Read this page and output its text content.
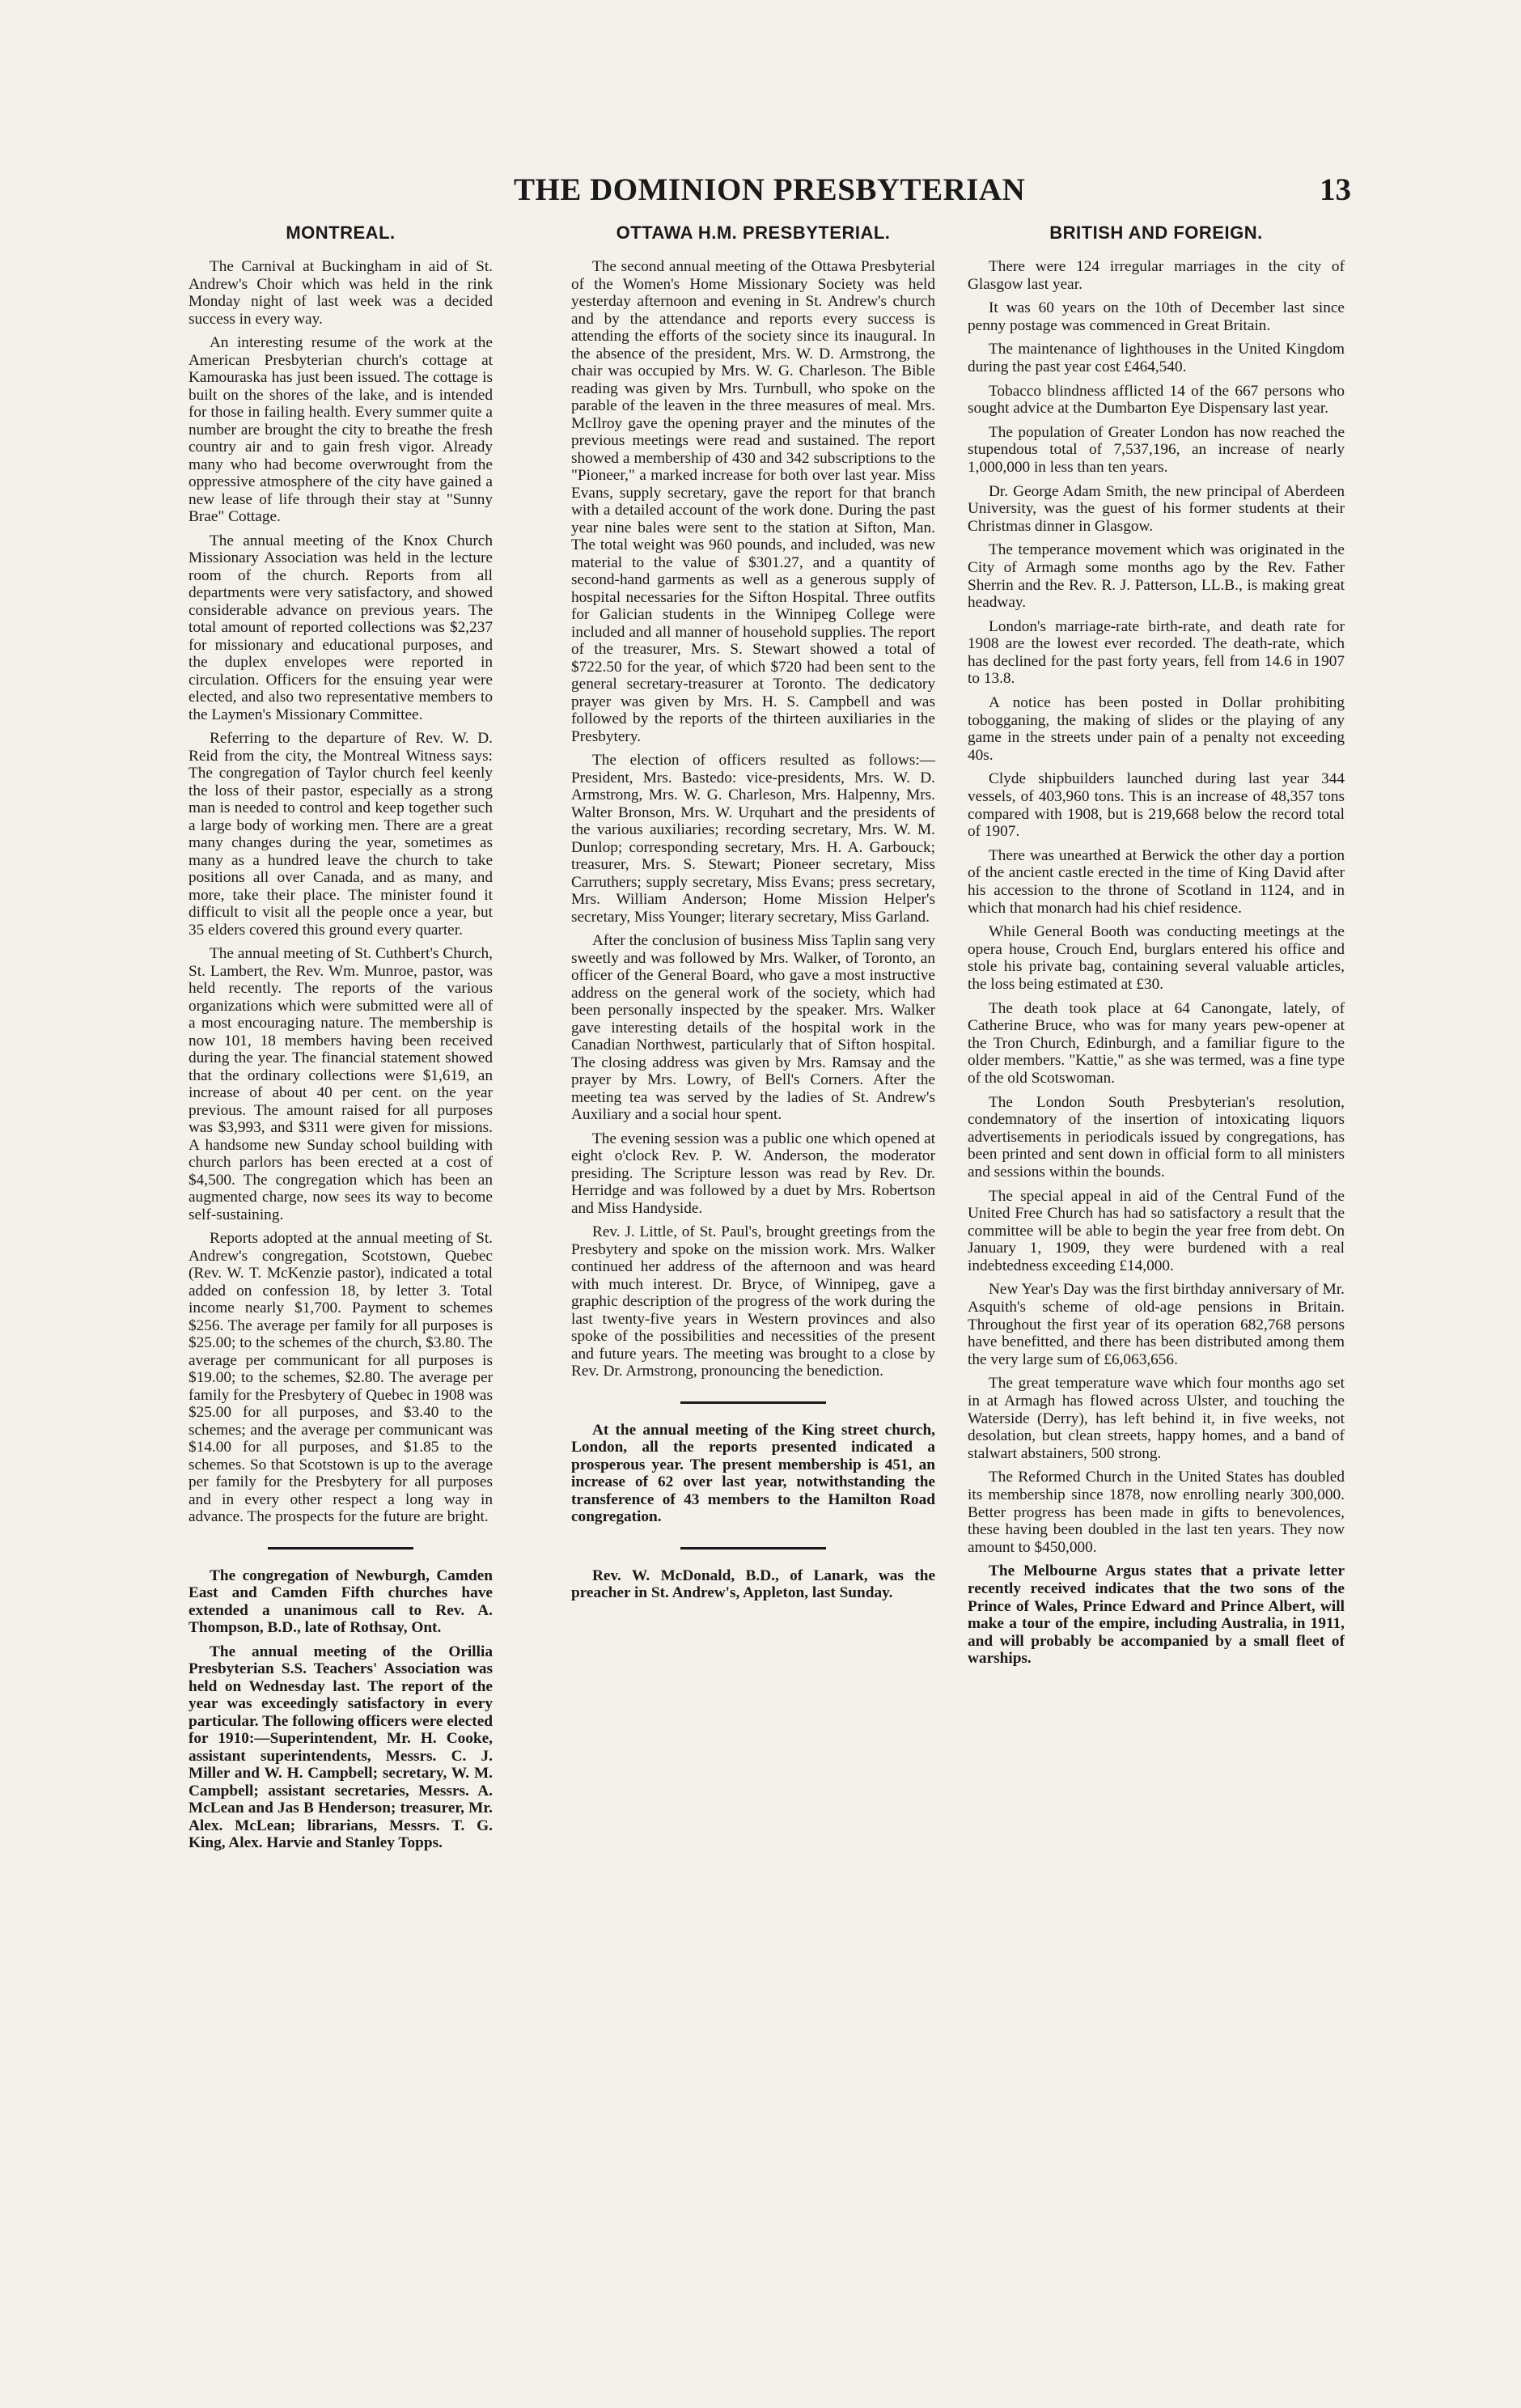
THE DOMINION PRESBYTERIAN	13
MONTREAL.

The Carnival at Buckingham in aid of St. Andrew's Choir which was held in the rink Monday night of last week was a decided success in every way.

An interesting resume of the work at the American Presbyterian church's cottage at Kamouraska has just been issued. The cottage is built on the shores of the lake, and is intended for those in failing health. Every summer quite a number are brought the city to breathe the fresh country air and to gain fresh vigor. Already many who had become overwrought from the oppressive atmosphere of the city have gained a new lease of life through their stay at "Sunny Brae" Cottage.

The annual meeting of the Knox Church Missionary Association was held in the lecture room of the church. Reports from all departments were very satisfactory, and showed considerable advance on previous years. The total amount of reported collections was $2,237 for missionary and educational purposes, and the duplex envelopes were reported in circulation. Officers for the ensuing year were elected, and also two representative members to the Laymen's Missionary Committee.

Referring to the departure of Rev. W. D. Reid from the city, the Montreal Witness says: The congregation of Taylor church feel keenly the loss of their pastor, especially as a strong man is needed to control and keep together such a large body of working men. There are a great many changes during the year, sometimes as many as a hundred leave the church to take positions all over Canada, and as many, and more, take their place. The minister found it difficult to visit all the people once a year, but 35 elders covered this ground every quarter.

The annual meeting of St. Cuthbert's Church, St. Lambert, the Rev. Wm. Munroe, pastor, was held recently. The reports of the various organizations which were submitted were all of a most encouraging nature. The membership is now 101, 18 members having been received during the year. The financial statement showed that the ordinary collections were $1,619, an increase of about 40 per cent. on the year previous. The amount raised for all purposes was $3,993, and $311 were given for missions. A handsome new Sunday school building with church parlors has been erected at a cost of $4,500. The congregation which has been an augmented charge, now sees its way to become self-sustaining.

Reports adopted at the annual meeting of St. Andrew's congregation, Scotstown, Quebec (Rev. W. T. McKenzie pastor), indicated a total added on confession 18, by letter 3. Total income nearly $1,700. Payment to schemes $256. The average per family for all purposes is $25.00; to the schemes of the church, $3.80. The average per communicant for all purposes is $19.00; to the schemes, $2.80. The average per family for the Presbytery of Quebec in 1908 was $25.00 for all purposes, and $3.40 to the schemes; and the average per communicant was $14.00 for all purposes, and $1.85 to the schemes. So that Scotstown is up to the average per family for the Presbytery for all purposes and in every other respect a long way in advance. The prospects for the future are bright.

The congregation of Newburgh, Camden East and Camden Fifth churches have extended a unanimous call to Rev. A. Thompson, B.D., late of Rothsay, Ont.

The annual meeting of the Orillia Presbyterian S.S. Teachers' Association was held on Wednesday last. The report of the year was exceedingly satisfactory in every particular. The following officers were elected for 1910:—Superintendent, Mr. H. Cooke, assistant superintendents, Messrs. C. J. Miller and W. H. Campbell; secretary, W. M. Campbell; assistant secretaries, Messrs. A. McLean and Jas B Henderson; treasurer, Mr. Alex. McLean; librarians, Messrs. T. G. King, Alex. Harvie and Stanley Topps.

OTTAWA H.M. PRESBYTERIAL.

The second annual meeting of the Ottawa Presbyterial of the Women's Home Missionary Society was held yesterday afternoon and evening in St. Andrew's church and by the attendance and reports every success is attending the efforts of the society since its inaugural. In the absence of the president, Mrs. W. D. Armstrong, the chair was occupied by Mrs. W. G. Charleson. The Bible reading was given by Mrs. Turnbull, who spoke on the parable of the leaven in the three measures of meal. Mrs. McIlroy gave the opening prayer and the minutes of the previous meetings were read and sustained. The report showed a membership of 430 and 342 subscriptions to the "Pioneer," a marked increase for both over last year. Miss Evans, supply secretary, gave the report for that branch with a detailed account of the work done. During the past year nine bales were sent to the station at Sifton, Man. The total weight was 960 pounds, and included, was new material to the value of $301.27, and a quantity of second-hand garments as well as a generous supply of hospital necessaries for the Sifton Hospital. Three outfits for Galician students in the Winnipeg College were included and all manner of household supplies. The report of the treasurer, Mrs. S. Stewart showed a total of $722.50 for the year, of which $720 had been sent to the general secretary-treasurer at Toronto. The dedicatory prayer was given by Mrs. H. S. Campbell and was followed by the reports of the thirteen auxiliaries in the Presbytery.

The election of officers resulted as follows:—President, Mrs. Bastedo: vice-presidents, Mrs. W. D. Armstrong, Mrs. W. G. Charleson, Mrs. Halpenny, Mrs. Walter Bronson, Mrs. W. Urquhart and the presidents of the various auxiliaries; recording secretary, Mrs. W. M. Dunlop; corresponding secretary, Mrs. H. A. Garbouck; treasurer, Mrs. S. Stewart; Pioneer secretary, Miss Carruthers; supply secretary, Miss Evans; press secretary, Mrs. William Anderson; Home Mission Helper's secretary, Miss Younger; literary secretary, Miss Garland.

After the conclusion of business Miss Taplin sang very sweetly and was followed by Mrs. Walker, of Toronto, an officer of the General Board, who gave a most instructive address on the general work of the society, which had been personally inspected by the speaker. Mrs. Walker gave interesting details of the hospital work in the Canadian Northwest, particularly that of Sifton hospital. The closing address was given by Mrs. Ramsay and the prayer by Mrs. Lowry, of Bell's Corners. After the meeting tea was served by the ladies of St. Andrew's Auxiliary and a social hour spent.

The evening session was a public one which opened at eight o'clock Rev. P. W. Anderson, the moderator presiding. The Scripture lesson was read by Rev. Dr. Herridge and was followed by a duet by Mrs. Robertson and Miss Handyside.

Rev. J. Little, of St. Paul's, brought greetings from the Presbytery and spoke on the mission work. Mrs. Walker continued her address of the afternoon and was heard with much interest. Dr. Bryce, of Winnipeg, gave a graphic description of the progress of the work during the last twenty-five years in Western provinces and also spoke of the possibilities and necessities of the present and future years. The meeting was brought to a close by Rev. Dr. Armstrong, pronouncing the benediction.

At the annual meeting of the King street church, London, all the reports presented indicated a prosperous year. The present membership is 451, an increase of 62 over last year, notwithstanding the transference of 43 members to the Hamilton Road congregation.

Rev. W. McDonald, B.D., of Lanark, was the preacher in St. Andrew's, Appleton, last Sunday.

BRITISH AND FOREIGN.

There were 124 irregular marriages in the city of Glasgow last year.

It was 60 years on the 10th of December last since penny postage was commenced in Great Britain.

The maintenance of lighthouses in the United Kingdom during the past year cost £464,540.

Tobacco blindness afflicted 14 of the 667 persons who sought advice at the Dumbarton Eye Dispensary last year.

The population of Greater London has now reached the stupendous total of 7,537,196, an increase of nearly 1,000,000 in less than ten years.

Dr. George Adam Smith, the new principal of Aberdeen University, was the guest of his former students at their Christmas dinner in Glasgow.

The temperance movement which was originated in the City of Armagh some months ago by the Rev. Father Sherrin and the Rev. R. J. Patterson, LL.B., is making great headway.

London's marriage-rate birth-rate, and death rate for 1908 are the lowest ever recorded. The death-rate, which has declined for the past forty years, fell from 14.6 in 1907 to 13.8.

A notice has been posted in Dollar prohibiting tobogganing, the making of slides or the playing of any game in the streets under pain of a penalty not exceeding 40s.

Clyde shipbuilders launched during last year 344 vessels, of 403,960 tons. This is an increase of 48,357 tons compared with 1908, but is 219,668 below the record total of 1907.

There was unearthed at Berwick the other day a portion of the ancient castle erected in the time of King David after his accession to the throne of Scotland in 1124, and in which that monarch had his chief residence.

While General Booth was conducting meetings at the opera house, Crouch End, burglars entered his office and stole his private bag, containing several valuable articles, the loss being estimated at £30.

The death took place at 64 Canongate, lately, of Catherine Bruce, who was for many years pew-opener at the Tron Church, Edinburgh, and a familiar figure to the older members. "Kattie," as she was termed, was a fine type of the old Scotswoman.

The London South Presbyterian's resolution, condemnatory of the insertion of intoxicating liquors advertisements in periodicals issued by congregations, has been printed and sent down in official form to all ministers and sessions within the bounds.

The special appeal in aid of the Central Fund of the United Free Church has had so satisfactory a result that the committee will be able to begin the year free from debt. On January 1, 1909, they were burdened with a real indebtedness exceeding £14,000.

New Year's Day was the first birthday anniversary of Mr. Asquith's scheme of old-age pensions in Britain. Throughout the first year of its operation 682,768 persons have benefitted, and there has been distributed among them the very large sum of £6,063,656.

The great temperature wave which four months ago set in at Armagh has flowed across Ulster, and touching the Waterside (Derry), has left behind it, in five weeks, not desolation, but clean streets, happy homes, and a band of stalwart abstainers, 500 strong.

The Reformed Church in the United States has doubled its membership since 1878, now enrolling nearly 300,000. Better progress has been made in gifts to benevolences, these having been doubled in the last ten years. They now amount to $450,000.

The Melbourne Argus states that a private letter recently received indicates that the two sons of the Prince of Wales, Prince Edward and Prince Albert, will make a tour of the empire, including Australia, in 1911, and will probably be accompanied by a small fleet of warships.
